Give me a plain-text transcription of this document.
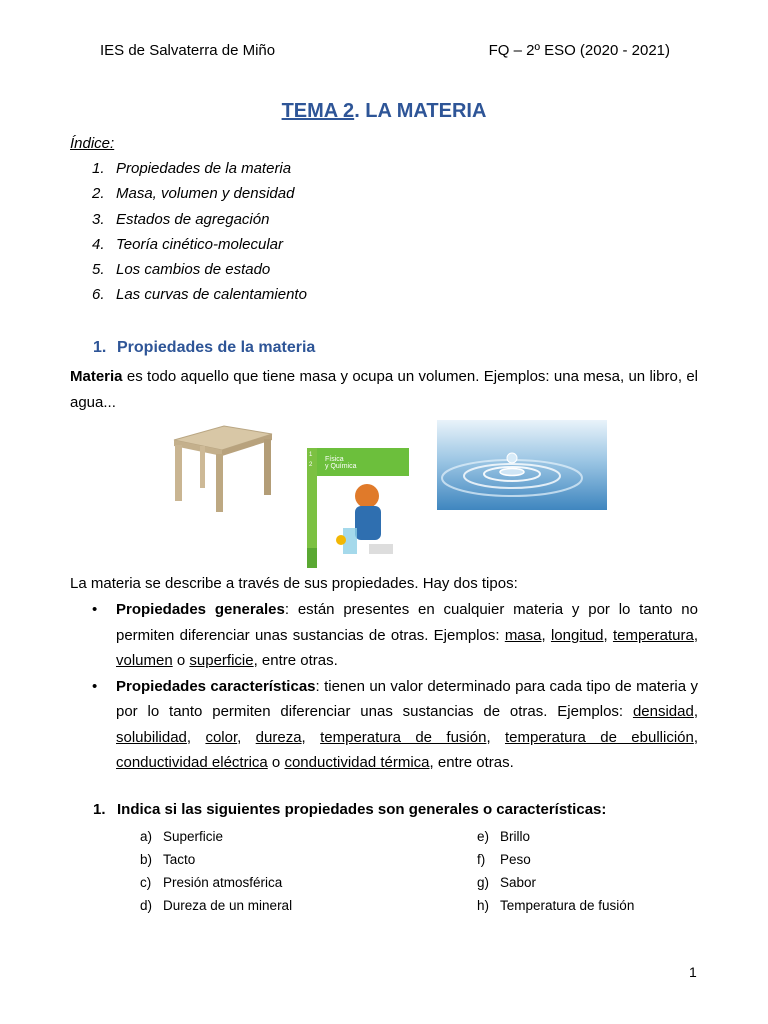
IES de Salvaterra de Miño	FQ – 2º ESO (2020 - 2021)
TEMA 2. LA MATERIA
Índice:
1. Propiedades de la materia
2. Masa, volumen y densidad
3. Estados de agregación
4. Teoría cinético-molecular
5. Los cambios de estado
6. Las curvas de calentamiento
1. Propiedades de la materia
Materia es todo aquello que tiene masa y ocupa un volumen. Ejemplos: una mesa, un libro, el agua...
Física
y Química
1
2
La materia se describe a través de sus propiedades. Hay dos tipos:
• Propiedades generales: están presentes en cualquier materia y por lo tanto no permiten diferenciar unas sustancias de otras. Ejemplos: masa, longitud, temperatura, volumen o superficie, entre otras.
• Propiedades características: tienen un valor determinado para cada tipo de materia y por lo tanto permiten diferenciar unas sustancias de otras. Ejemplos: densidad, solubilidad, color, dureza, temperatura de fusión, temperatura de ebullición, conductividad eléctrica o conductividad térmica, entre otras.
1. Indica si las siguientes propiedades son generales o características:
a) Superficie
b) Tacto
c) Presión atmosférica
d) Dureza de un mineral
e) Brillo
f)	Peso
g) Sabor
h) Temperatura de fusión
1
